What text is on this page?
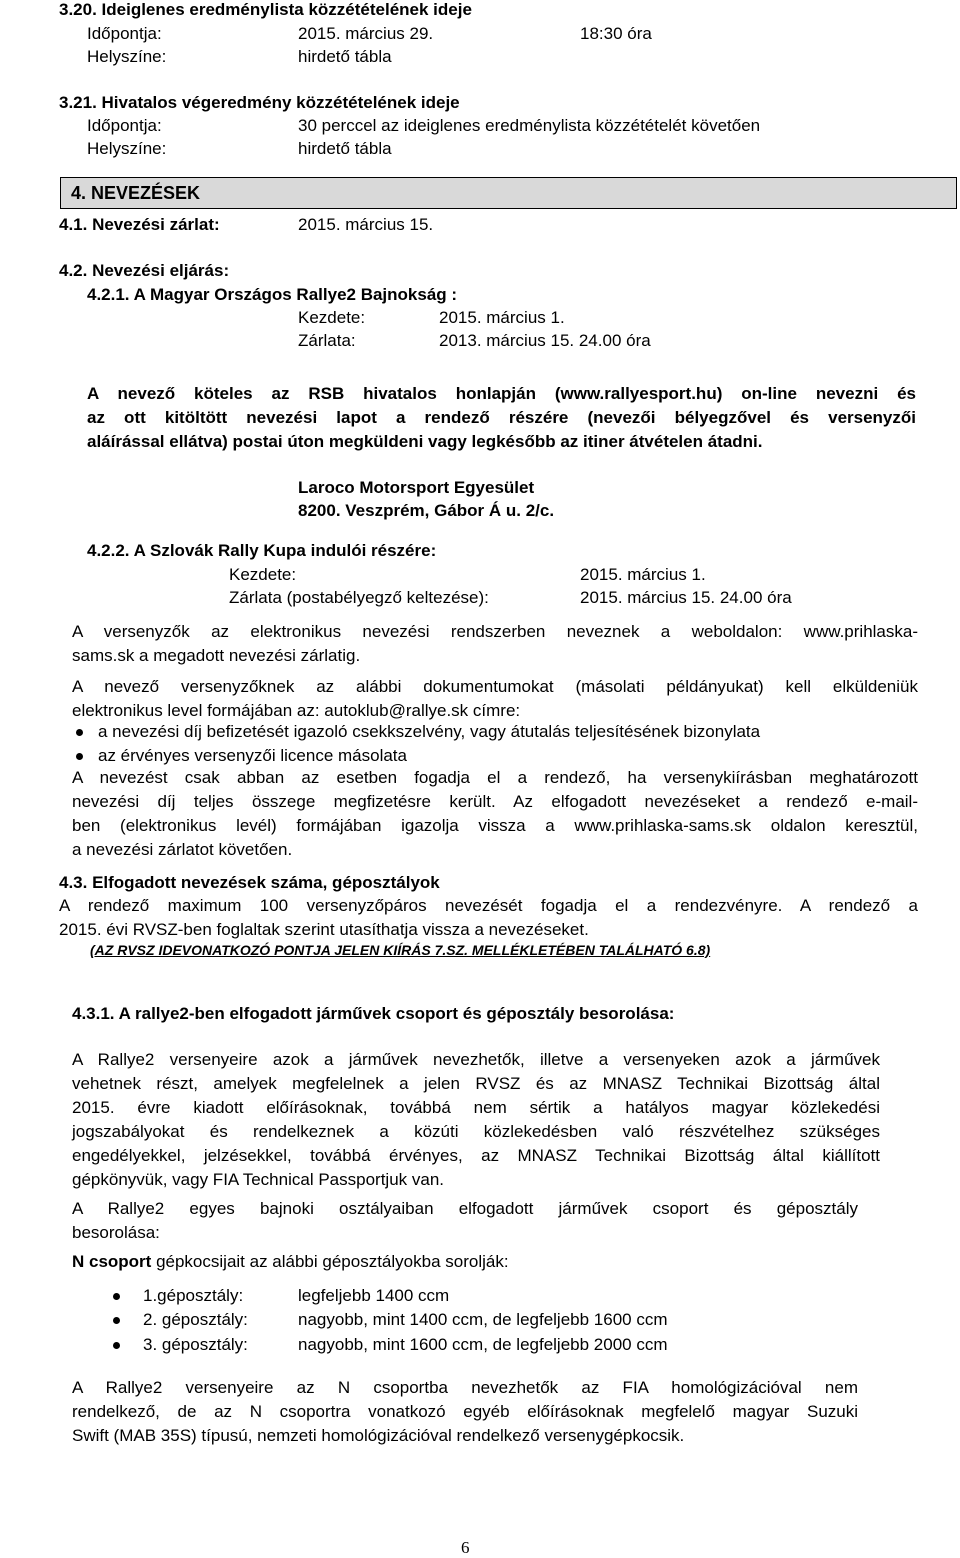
3.20. Ideiglenes eredménylista közzétételének ideje
Időpontja:	2015. március 29.	18:30 óra
Helyszíne:	hirdető tábla
3.21. Hivatalos végeredmény közzétételének ideje
Időpontja:	30 perccel az ideiglenes eredménylista közzétételét követően
Helyszíne:	hirdető tábla
4. NEVEZÉSEK
4.1. Nevezési zárlat:	2015. március 15.
4.2. Nevezési eljárás:
4.2.1. A Magyar Országos Rallye2 Bajnokság :
Kezdete:	2015. március 1.
Zárlata:	2013. március 15. 24.00 óra

A nevező köteles az RSB hivatalos honlapján (www.rallyesport.hu) on-line nevezni és

az ott kitöltött nevezési lapot a rendező részére (nevezői bélyegzővel és versenyzői

aláírással ellátva) postai úton megküldeni vagy legkésőbb az itiner átvételen átadni.

Laroco Motorsport Egyesület
8200. Veszprém, Gábor Á u. 2/c.
4.2.2. A Szlovák Rally Kupa indulói részére:
Kezdete:	2015. március 1.
Zárlata (postabélyegző keltezése):	2015. március 15. 24.00 óra

A versenyzők az elektronikus nevezési rendszerben neveznek a weboldalon: www.prihlaska-

sams.sk a megadott nevezési zárlatig.

A nevező versenyzőknek az alábbi dokumentumokat (másolati példányukat) kell elküldeniük

elektronikus level formájában az: autoklub@rallye.sk címre:

a nevezési díj befizetését igazoló csekkszelvény, vagy átutalás teljesítésének bizonylata
az érvényes versenyzői licence másolata

A nevezést csak abban az esetben fogadja el a rendező, ha versenykiírásban meghatározott

nevezési díj teljes összege megfizetésre került. Az elfogadott nevezéseket a rendező e-mail-

ben (elektronikus levél) formájában igazolja vissza a www.prihlaska-sams.sk oldalon keresztül,

a nevezési zárlatot követően.

4.3. Elfogadott nevezések száma, géposztályok

A rendező maximum 100 versenyzőpáros nevezését fogadja el a rendezvényre. A rendező a

2015. évi RVSZ-ben foglaltak szerint utasíthatja vissza a nevezéseket.

(AZ RVSZ IDEVONATKOZÓ PONTJA JELEN KIÍRÁS 7.SZ. MELLÉKLETÉBEN TALÁLHATÓ 6.8)
4.3.1. A rallye2-ben elfogadott járművek csoport és géposztály besorolása:

A Rallye2 versenyeire azok a járművek nevezhetők, illetve a versenyeken azok a járművek

vehetnek részt, amelyek megfelelnek a jelen RVSZ és az MNASZ Technikai Bizottság által

2015. évre kiadott előírásoknak, továbbá nem sértik a hatályos magyar közlekedési

jogszabályokat és rendelkeznek a közúti közlekedésben való részvételhez szükséges

engedélyekkel, jelzésekkel, továbbá érvényes, az MNASZ Technikai Bizottság által kiállított

gépkönyvük, vagy FIA Technical Passportjuk van.

A Rallye2 egyes bajnoki osztályaiban elfogadott járművek csoport és géposztály

besorolása:

N csoport gépkocsijait az alábbi géposztályokba sorolják:
1.géposztály:	legfeljebb 1400 ccm
2. géposztály:	nagyobb, mint 1400 ccm, de legfeljebb 1600 ccm
3. géposztály:	nagyobb, mint 1600 ccm, de legfeljebb 2000 ccm

A Rallye2 versenyeire az N csoportba nevezhetők az FIA homológizációval nem

rendelkező, de az N csoportra vonatkozó egyéb előírásoknak megfelelő magyar Suzuki

Swift (MAB 35S) típusú, nemzeti homológizációval rendelkező versenygépkocsik.

6
